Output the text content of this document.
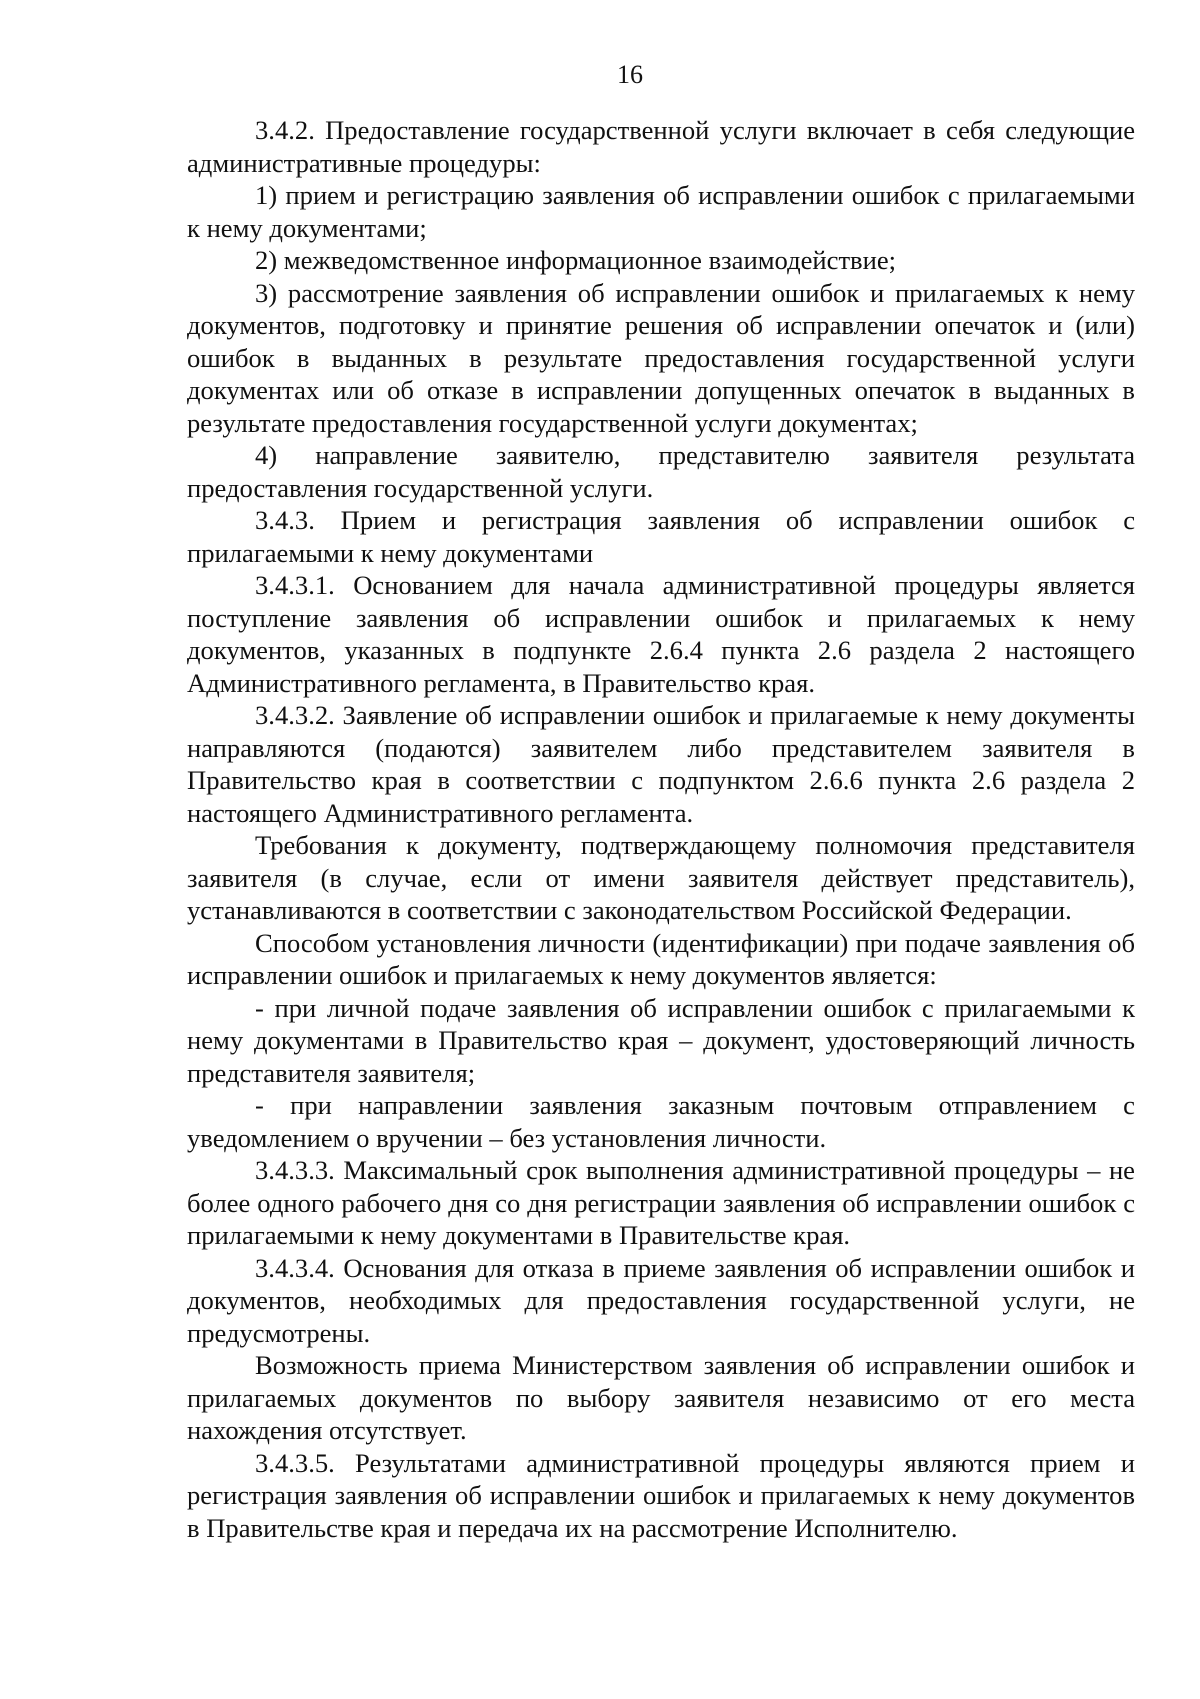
16

3.4.2. Предоставление государственной услуги включает в себя следующие административные процедуры:

1) прием и регистрацию заявления об исправлении ошибок с прилагаемыми к нему документами;

2) межведомственное информационное взаимодействие;

3) рассмотрение заявления об исправлении ошибок и прилагаемых к нему документов, подготовку и принятие решения об исправлении опечаток и (или) ошибок в выданных в результате предоставления государственной услуги документах или об отказе в исправлении допущенных опечаток в выданных в результате предоставления государственной услуги документах;

4) направление заявителю, представителю заявителя результата предоставления государственной услуги.

3.4.3. Прием и регистрация заявления об исправлении ошибок с прилагаемыми к нему документами

3.4.3.1. Основанием для начала административной процедуры является поступление заявления об исправлении ошибок и прилагаемых к нему документов, указанных в подпункте 2.6.4 пункта 2.6 раздела 2 настоящего Административного регламента, в Правительство края.

3.4.3.2. Заявление об исправлении ошибок и прилагаемые к нему документы направляются (подаются) заявителем либо представителем заявителя в Правительство края в соответствии с подпунктом 2.6.6 пункта 2.6 раздела 2 настоящего Административного регламента.

Требования к документу, подтверждающему полномочия представителя заявителя (в случае, если от имени заявителя действует представитель), устанавливаются в соответствии с законодательством Российской Федерации.

Способом установления личности (идентификации) при подаче заявления об исправлении ошибок и прилагаемых к нему документов является:

- при личной подаче заявления об исправлении ошибок с прилагаемыми к нему документами в Правительство края – документ, удостоверяющий личность представителя заявителя;

- при направлении заявления заказным почтовым отправлением с уведомлением о вручении – без установления личности.

3.4.3.3. Максимальный срок выполнения административной процедуры – не более одного рабочего дня со дня регистрации заявления об исправлении ошибок с прилагаемыми к нему документами в Правительстве края.

3.4.3.4. Основания для отказа в приеме заявления об исправлении ошибок и документов, необходимых для предоставления государственной услуги, не предусмотрены.

Возможность приема Министерством заявления об исправлении ошибок и прилагаемых документов по выбору заявителя независимо от его места нахождения отсутствует.

3.4.3.5. Результатами административной процедуры являются прием и регистрация заявления об исправлении ошибок и прилагаемых к нему документов в Правительстве края и передача их на рассмотрение Исполнителю.
